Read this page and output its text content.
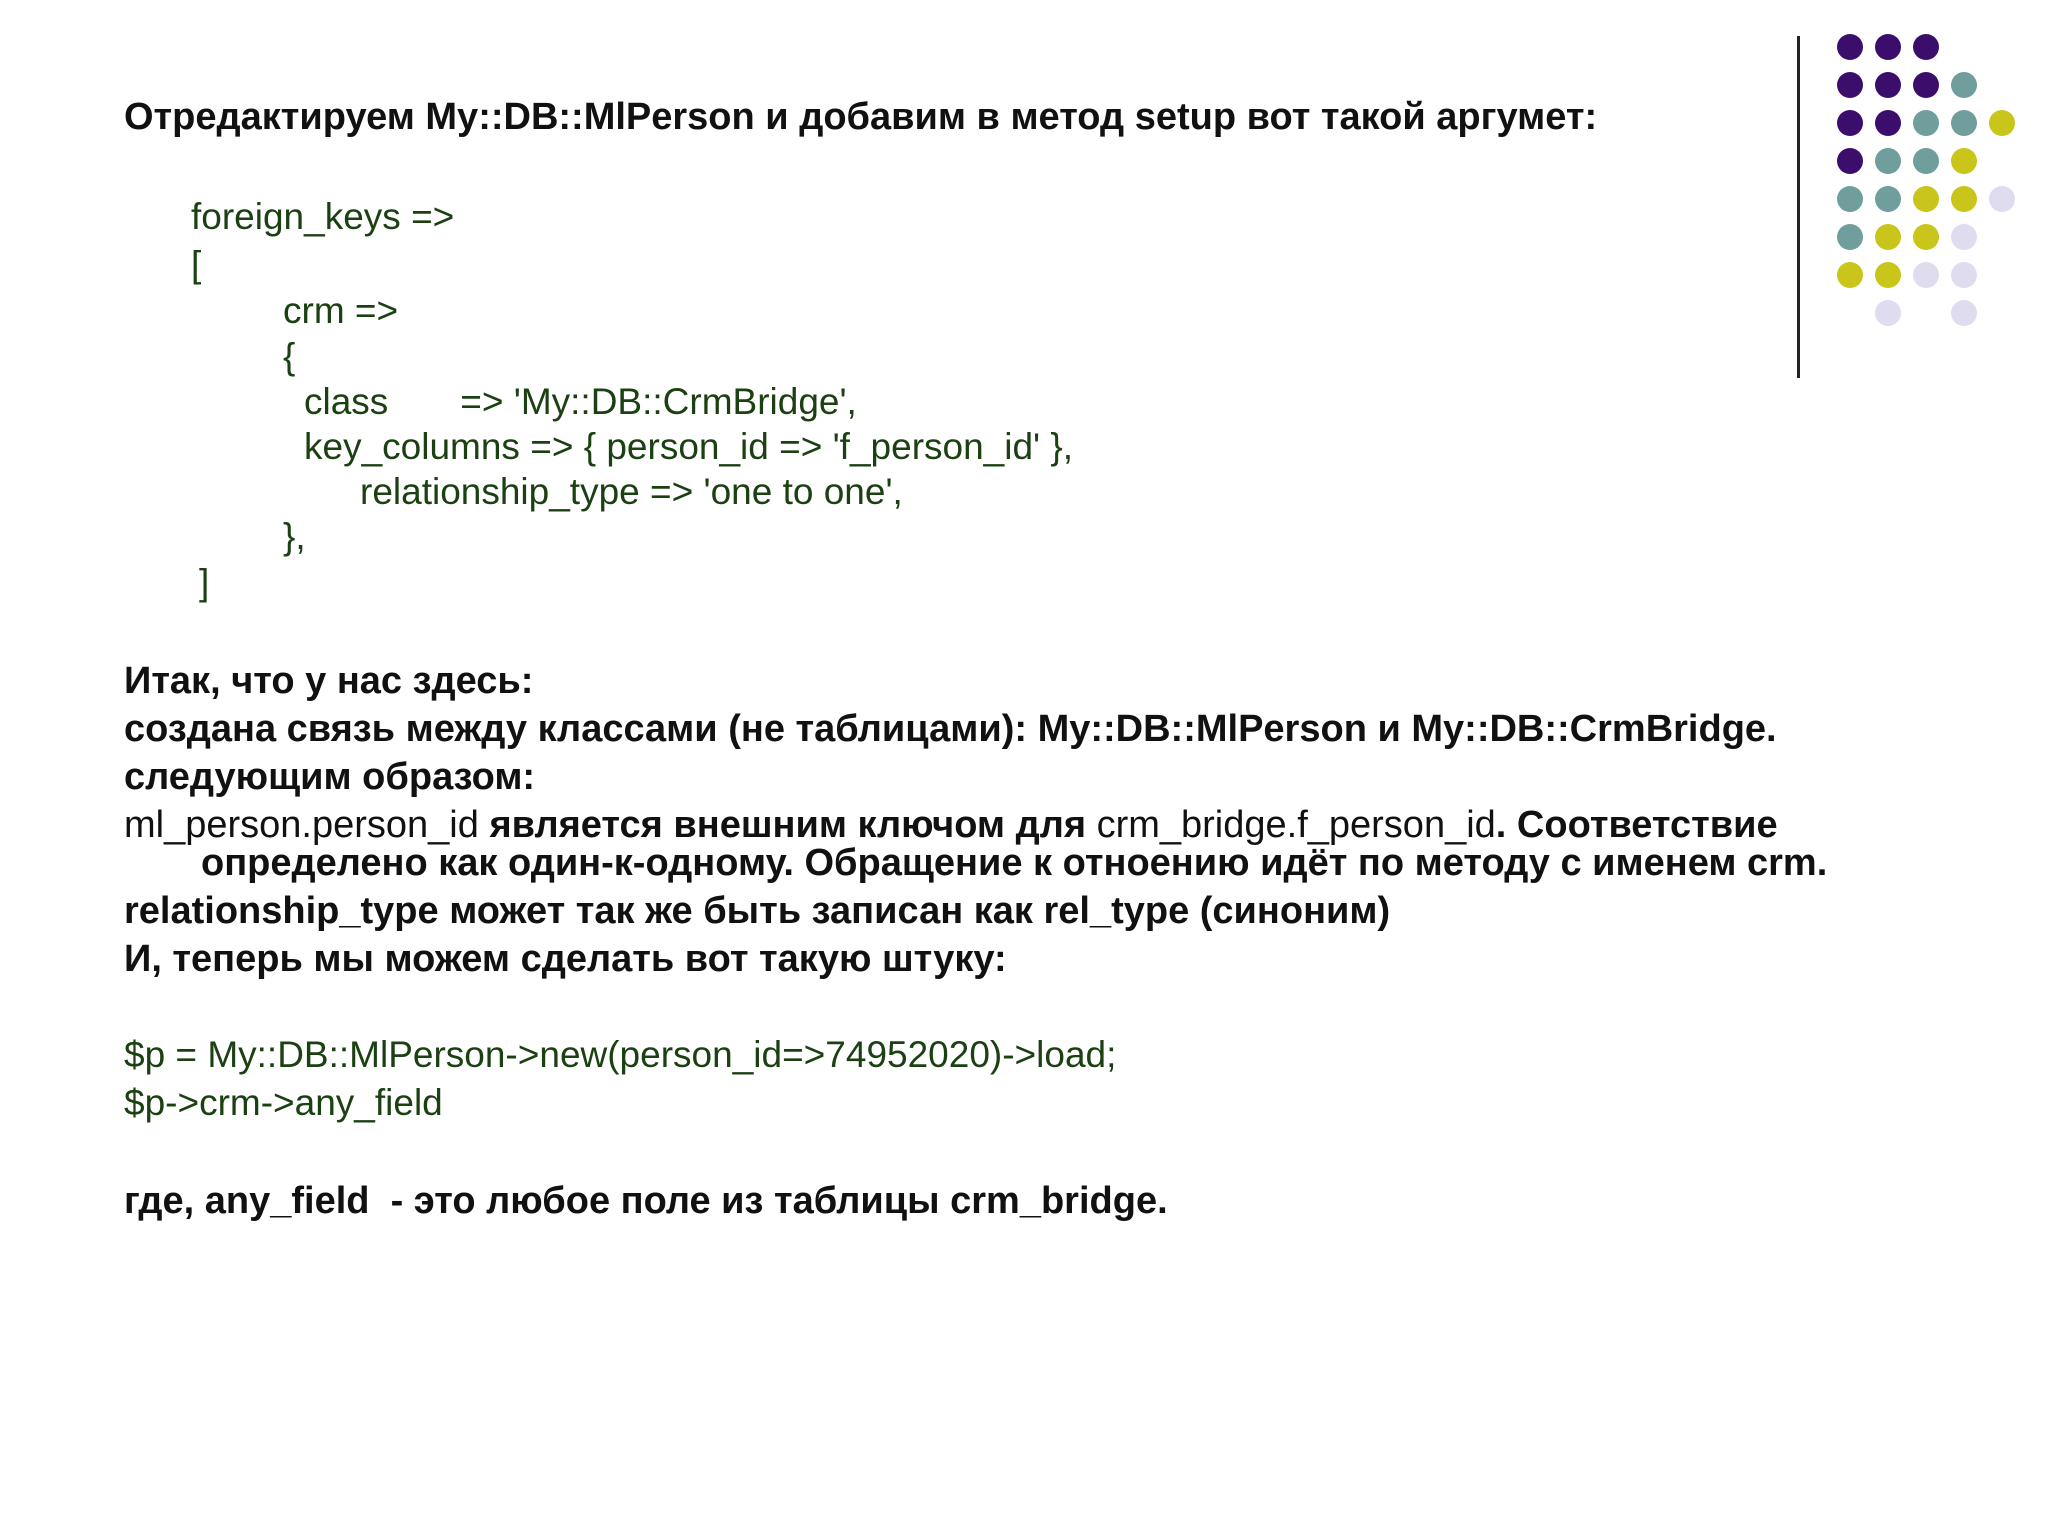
Отредактируем My::DB::MlPerson и добавим в метод setup вот такой аргумет:
foreign_keys =>
[
crm =>
{
class       => 'My::DB::CrmBridge',
key_columns => { person_id => 'f_person_id' },
relationship_type => 'one to one',
},
]
Итак, что у нас здесь:
создана связь между классами (не таблицами): My::DB::MlPerson и My::DB::CrmBridge.
следующим образом:
ml_person.person_id является внешним ключом для crm_bridge.f_person_id. Соответствие
определено как один-к-одному. Обращение к отноению идёт по методу с именем crm.
relationship_type может так же быть записан как rel_type (синоним)
И, теперь мы можем сделать вот такую штуку:
$p = My::DB::MlPerson->new(person_id=>74952020)->load;
$p->crm->any_field
где, any_field  - это любое поле из таблицы crm_bridge.
